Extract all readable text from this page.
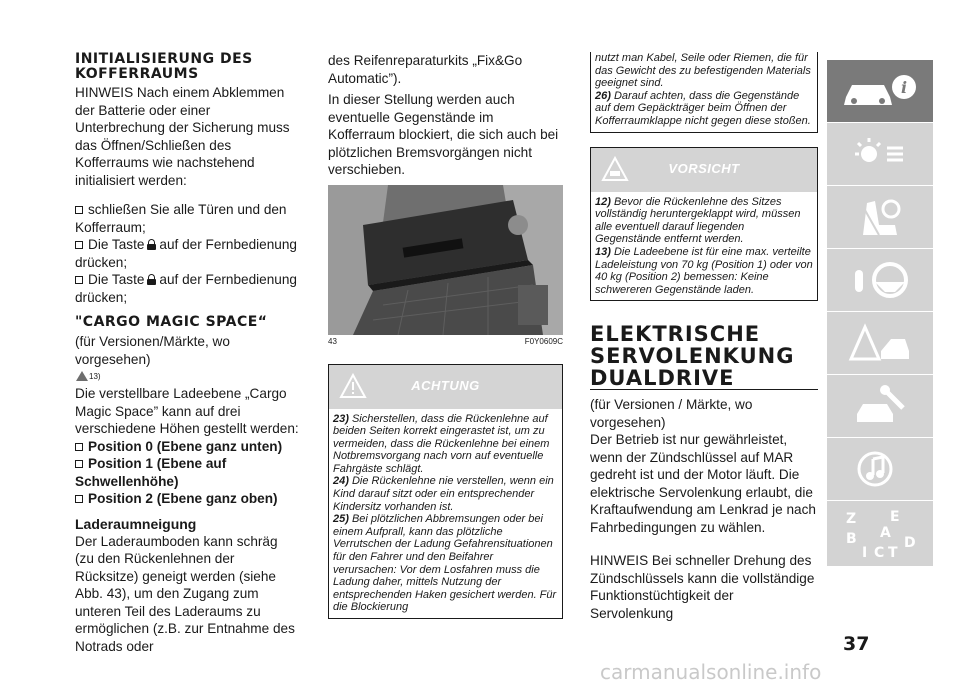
INITIALISIERUNG DES KOFFERRAUMS
HINWEIS Nach einem Abklemmen der Batterie oder einer Unterbrechung der Sicherung muss das Öffnen/Schließen des Kofferraums wie nachstehend initialisiert werden:
schließen Sie alle Türen und den Kofferraum;
Die Taste auf der Fernbedienung drücken;
Die Taste auf der Fernbedienung drücken;
"CARGO MAGIC SPACE“
(für Versionen/Märkte, wo vorgesehen)
13)
Die verstellbare Ladeebene „Cargo Magic Space” kann auf drei verschiedene Höhen gestellt werden:
Position 0 (Ebene ganz unten)
Position 1 (Ebene auf Schwellenhöhe)
Position 2 (Ebene ganz oben)
Laderaumneigung
Der Laderaumboden kann schräg (zu den Rückenlehnen der Rücksitze) geneigt werden (siehe Abb. 43), um den Zugang zum unteren Teil des Laderaums zu ermöglichen (z.B. zur Entnahme des Notrads oder
des Reifenreparaturkits „Fix&Go Automatic”).
In dieser Stellung werden auch eventuelle Gegenstände im Kofferraum blockiert, die sich auch bei plötzlichen Bremsvorgängen nicht verschieben.
43	F0Y0609C
ACHTUNG
23) Sicherstellen, dass die Rückenlehne auf beiden Seiten korrekt eingerastet ist, um zu vermeiden, dass die Rückenlehne bei einem Notbremsvorgang nach vorn auf eventuelle Fahrgäste schlägt.
24) Die Rückenlehne nie verstellen, wenn ein Kind darauf sitzt oder ein entsprechender Kindersitz vorhanden ist.
25) Bei plötzlichen Abbremsungen oder bei einem Aufprall, kann das plötzliche Verrutschen der Ladung Gefahrensituationen für den Fahrer und den Beifahrer verursachen: Vor dem Losfahren muss die Ladung daher, mittels Nutzung der entsprechenden Haken gesichert werden. Für die Blockierung
nutzt man Kabel, Seile oder Riemen, die für das Gewicht des zu befestigenden Materials geeignet sind.
26) Darauf achten, dass die Gegenstände auf dem Gepäckträger beim Öffnen der Kofferraumklappe nicht gegen diese stoßen.
VORSICHT
12) Bevor die Rückenlehne des Sitzes vollständig heruntergeklappt wird, müssen alle eventuell darauf liegenden Gegenstände entfernt werden.
13) Die Ladeebene ist für eine max. verteilte Ladeleistung von 70 kg (Position 1) oder von 40 kg (Position 2) bemessen: Keine schwereren Gegenstände laden.
ELEKTRISCHE
SERVOLENKUNG
DUALDRIVE
(für Versionen / Märkte, wo vorgesehen)
Der Betrieb ist nur gewährleistet, wenn der Zündschlüssel auf MAR gedreht ist und der Motor läuft. Die elektrische Servolenkung erlaubt, die Kraftaufwendung am Lenkrad je nach Fahrbedingungen zu wählen.
HINWEIS Bei schneller Drehung des Zündschlüssels kann die vollständige Funktionstüchtigkeit der Servolenkung
i
Z E
B A
I C T
D
37
carmanualsonline.info
